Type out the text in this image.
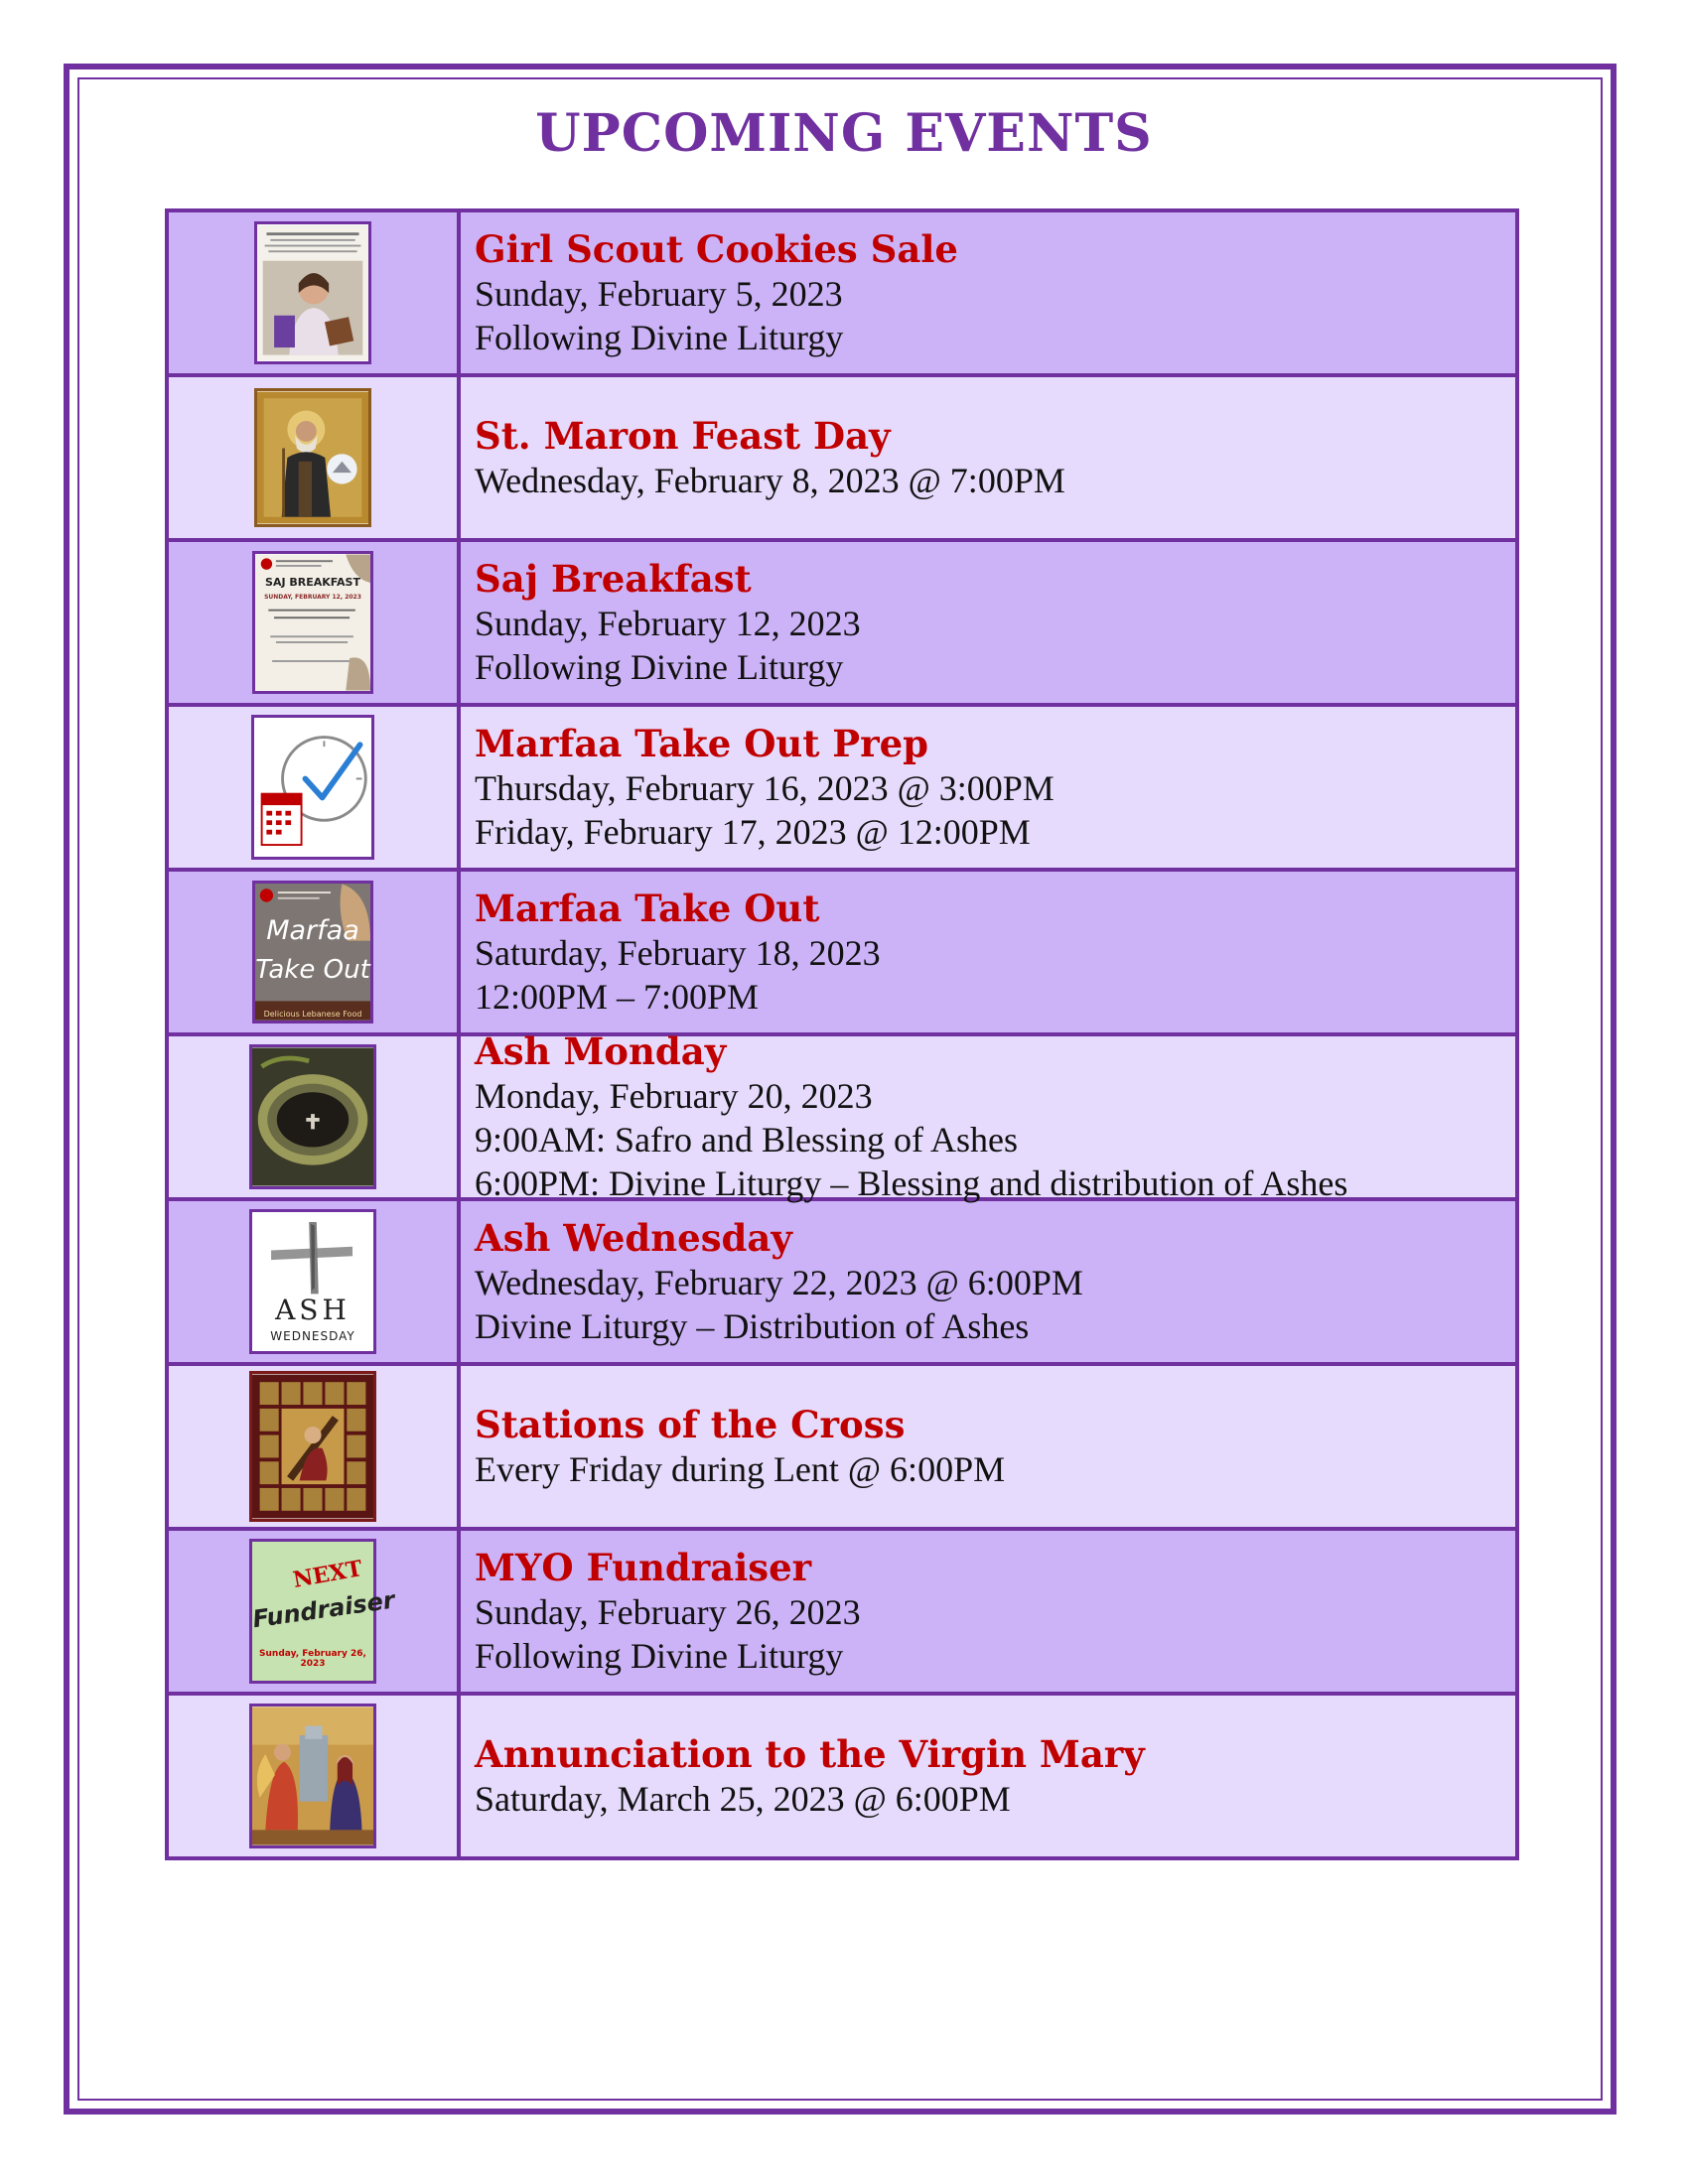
UPCOMING EVENTS
Girl Scout Cookies Sale
Sunday, February 5, 2023
Following Divine Liturgy
St. Maron Feast Day
Wednesday, February 8, 2023 @ 7:00PM
SAJ BREAKFAST
SUNDAY, FEBRUARY 12, 2023	Saj Breakfast
Sunday, February 12, 2023
Following Divine Liturgy
Marfaa Take Out Prep
Thursday, February 16, 2023 @ 3:00PM
Friday, February 17, 2023 @ 12:00PM
Marfaa
Take Out
Delicious Lebanese Food
Marfaa Take Out
Saturday, February 18, 2023
12:00PM – 7:00PM
Ash Monday
Monday, February 20, 2023
9:00AM: Safro and Blessing of Ashes
6:00PM: Divine Liturgy – Blessing and distribution of Ashes
ASH
WEDNESDAY
Ash Wednesday
Wednesday, February 22, 2023 @ 6:00PM
Divine Liturgy – Distribution of Ashes
Stations of the Cross
Every Friday during Lent @ 6:00PM
NEXT
Fundraiser
Sunday, February 26, 2023
MYO Fundraiser
Sunday, February 26, 2023
Following Divine Liturgy
Annunciation to the Virgin Mary
Saturday, March 25, 2023 @ 6:00PM
